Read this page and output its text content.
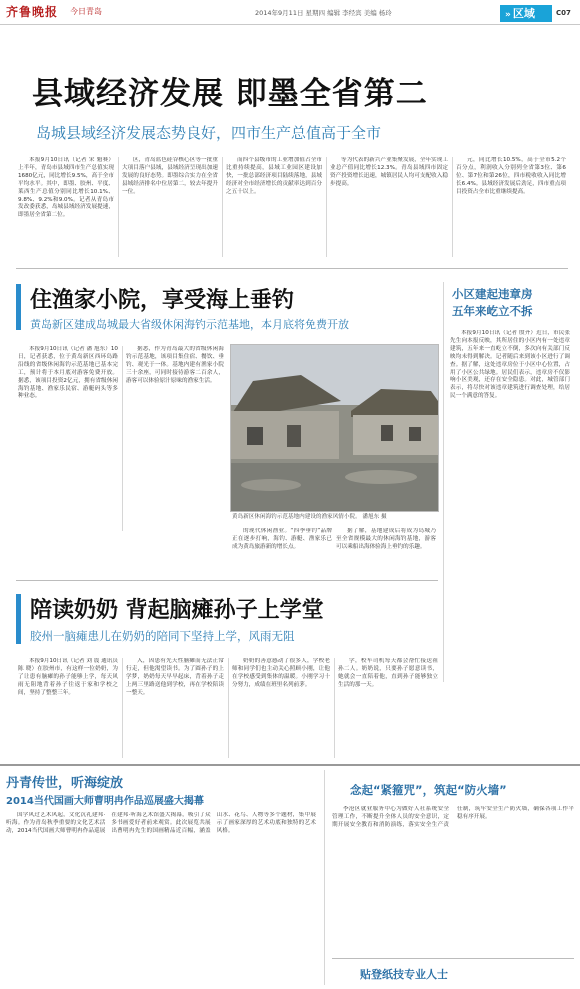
齐鲁晚报 今日青岛	2014年9月11日 星期四 编辑 李经宾 美编 杨玲	» 区域	C07
县域经济发展 即墨全省第二
岛城县域经济发展态势良好，四市生产总值高于全市

本报9月10日讯（记者 宋 魁赛）上半年，青岛市县域四市生产总值实现1680亿元，同比增长9.5%，高于全市平均水平。其中，即墨、胶州、平度、莱西生产总值分别同比增长10.1%、9.8%、9.2%和9.0%。记者从青岛市发改委获悉，岛城县域经济发展提速，即墨居全省第二位。

区，青岛蓝色硅谷核心区等一批重大项目落户县域，县域经济呈现出加速发展的良好态势。即墨综合实力在全省县域经济排名中位居第二，较去年提升一位。

而四个县级市的工业增加值占全市比重持续提高，县域工业园区建设加快，一批总部经济项目陆续落地，县域经济对全市经济增长的贡献率达到百分之五十以上。

等为代表的新兴产业集聚发展，全年实现工业总产值同比增长12.3%。青岛县域四市固定资产投资增长迅速，城镇居民人均可支配收入稳步提高。

元，同比增长10.5%，高于全市5.2个百分点，利润收入分别列全省第3位、第6位、第7位和第26位，四市税收收入同比增长6.4%。县域经济发展后劲足，四市重点项目投资占全市比重继续提高。

住渔家小院，享受海上垂钓
黄岛新区建成岛城最大省级休闲海钓示范基地，本月底将免费开放

本报9月10日讯（记者 潘 旭东）10日，记者获悉，位于黄岛新区西环岛路沿线的省级休闲海钓示范基地已基本完工，预计将于本月底对游客免费开放。据悉，该项目投资2亿元，拥有省级休闲海钓基地、渔家乐民宿、游艇码头等多种业态。

据悉，作为青岛最大的省级休闲海钓示范基地，该项目集住宿、餐饮、垂钓、观光于一体。基地内建有渔家小院三十余座，可同时接待游客二百余人，游客可以体验原汁原味的渔家生活。

黄岛新区休闲海钓示范基地内建设的渔家风情小院。 潘旭东 摄

的现代休闲渔业。“四季垂钓”品牌正在逐步打响，海钓、游艇、渔家乐已成为黄岛旅游新的增长点。

据了解，基地建成后将成为岛城乃至全省规模最大的休闲海钓基地，游客可以乘船出海体验海上垂钓的乐趣。

小区建起违章房
五年来屹立不拆

本报9月10日讯（记者 殷齐）近日，市民张先生向本报反映，其所居住的小区内有一处违章建筑，五年来一直屹立不倒，多次向有关部门反映均未得到解决。记者随后来到该小区进行了调查。据了解，这处违章房位于小区中心位置，占用了小区公共绿地。居民们表示，违章房不仅影响小区美观，还存在安全隐患。对此，城管部门表示，将尽快对该违章建筑进行调查处理，给居民一个满意的答复。

陪读奶奶 背起脑瘫孙子上学堂
胶州一脑瘫患儿在奶奶的陪同下坚持上学，风雨无阻

本报9月10日讯（记者 刘 震 通讯员 陈 晓）在胶州市，有这样一位奶奶，为了让患有脑瘫的孙子能够上学，每天风雨无阻地背着孙子往返于家和学校之间，坚持了整整三年。

入，因患有先天性脑瘫而无法正常行走，但他渴望读书。为了圆孙子的上学梦，奶奶每天早早起床，背着孙子走上两三里路送他到学校，再在学校陪读一整天。

奶奶的善意感动了很多人，学校老师和同学们也主动关心照顾小刚，让他在学校感受到集体的温暖。小刚学习十分努力，成绩在班里名列前茅。

学，校车司机每天都会帮忙接送祖孙二人。奶奶说，只要孙子愿意读书，她就会一直陪着他，直到孙子能够独立生活的那一天。

丹青传世，听海绽放
2014当代国画大师曹明冉作品巡展盛大揭幕

国学风过艺术风起，文化沉礼建邦·听海。作为青岛秋季重要的文化艺术活动，2014当代国画大师曹明冉作品巡展在建邦·听海艺术馆盛大揭幕，吸引了众多书画爱好者前来观赏。此次展览共展出曹明冉先生的国画精品近百幅，涵盖山水、花鸟、人物等多个题材，集中展示了画家深厚的艺术功底和独特的艺术风格。

念起“紧箍咒”，筑起“防火墙”

李沧区就业服务中心为做好人社系统安全管理工作，不断提升全体人员的安全意识，定期开展安全教育和消防演练，落实安全生产责任制，筑牢安全生产防火墙，确保各项工作平稳有序开展。

贴登纸技专业人士
